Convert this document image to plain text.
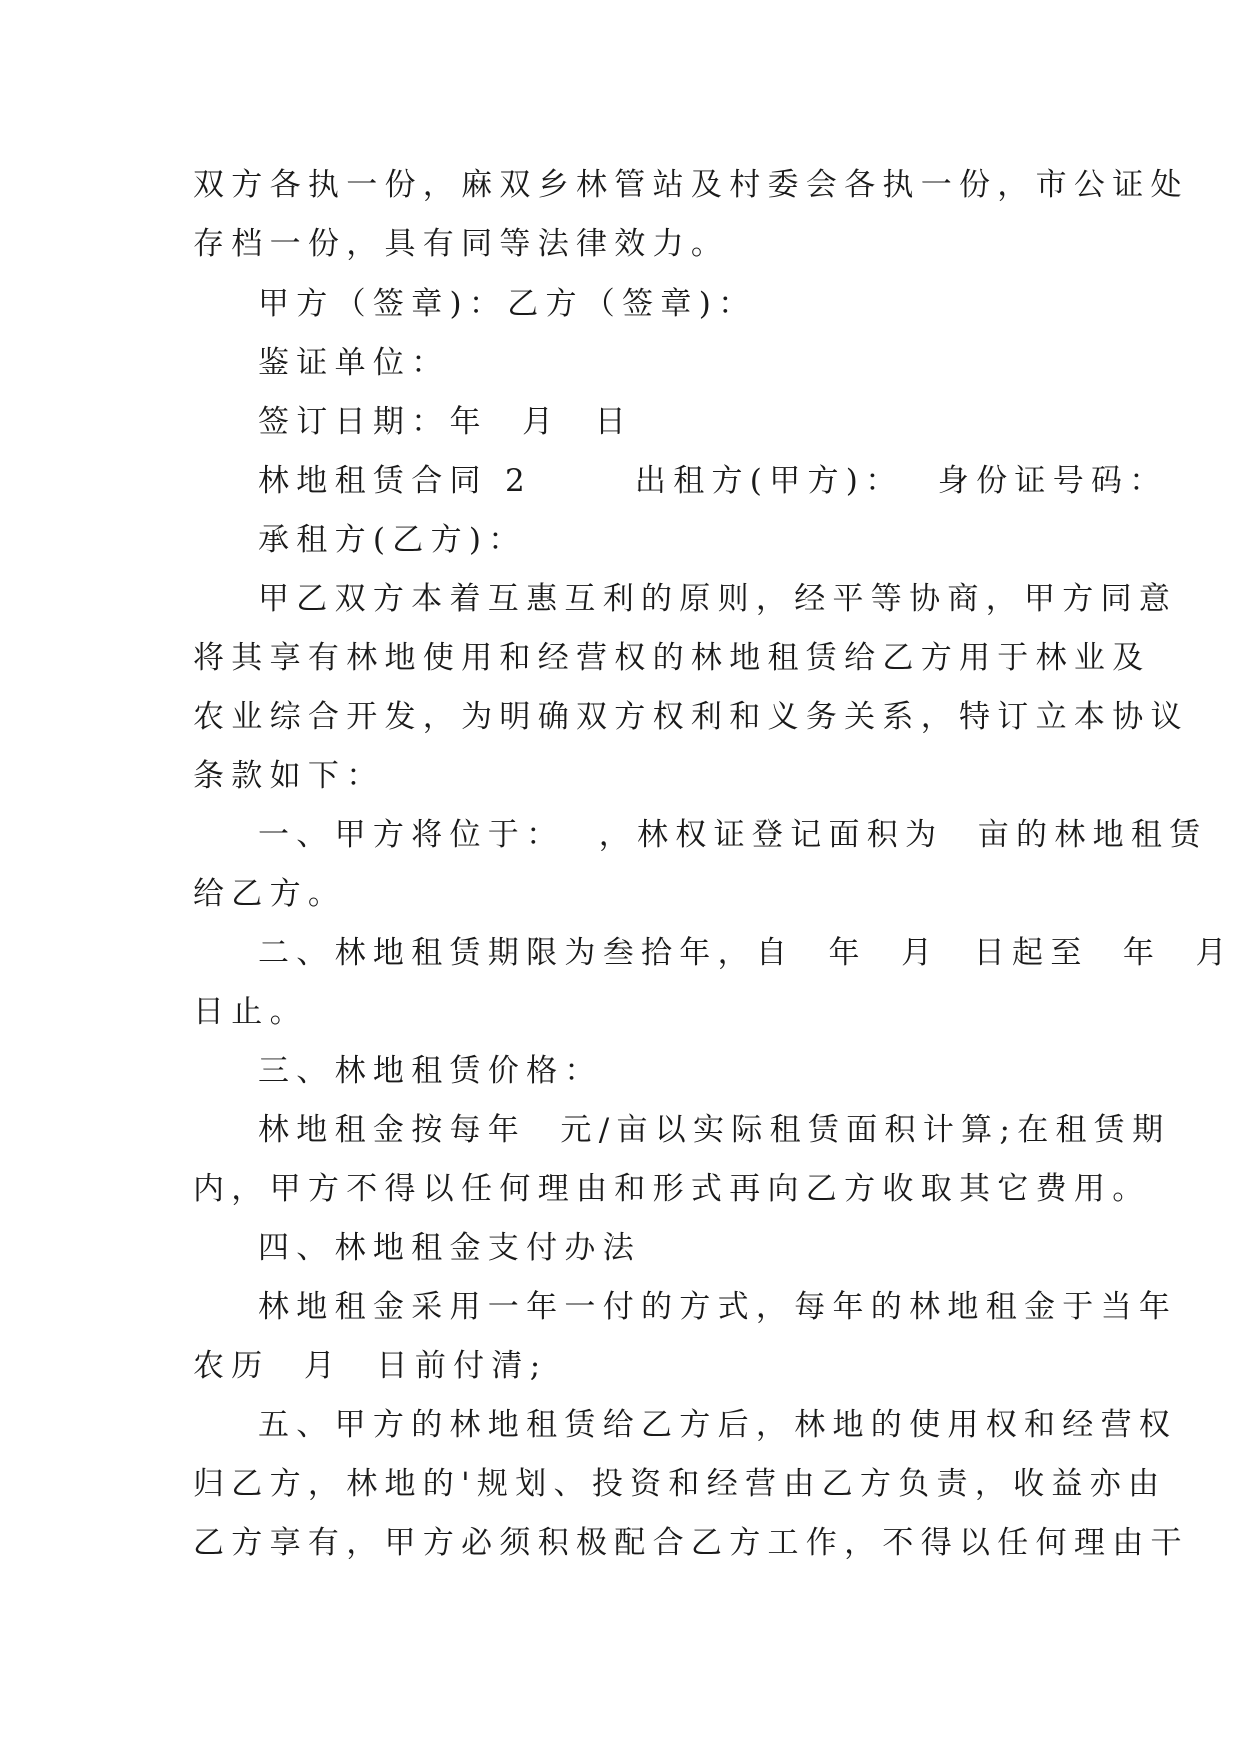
双方各执一份，麻双乡林管站及村委会各执一份，市公证处
存档一份，具有同等法律效力。
甲方（签章)：乙方（签章)：
鉴证单位：
签订日期：年  月  日
林地租赁合同 2      出租方(甲方)：  身份证号码：
承租方(乙方)：
甲乙双方本着互惠互利的原则，经平等协商，甲方同意
将其享有林地使用和经营权的林地租赁给乙方用于林业及
农业综合开发，为明确双方权利和义务关系，特订立本协议
条款如下：
一、甲方将位于：  ，林权证登记面积为  亩的林地租赁
给乙方。
二、林地租赁期限为叁拾年，自  年  月  日起至  年  月
日止。
三、林地租赁价格：
林地租金按每年  元/亩以实际租赁面积计算;在租赁期
内，甲方不得以任何理由和形式再向乙方收取其它费用。
四、林地租金支付办法
林地租金采用一年一付的方式，每年的林地租金于当年
农历  月  日前付清;
五、甲方的林地租赁给乙方后，林地的使用权和经营权
归乙方，林地的'规划、投资和经营由乙方负责，收益亦由
乙方享有，甲方必须积极配合乙方工作，不得以任何理由干
